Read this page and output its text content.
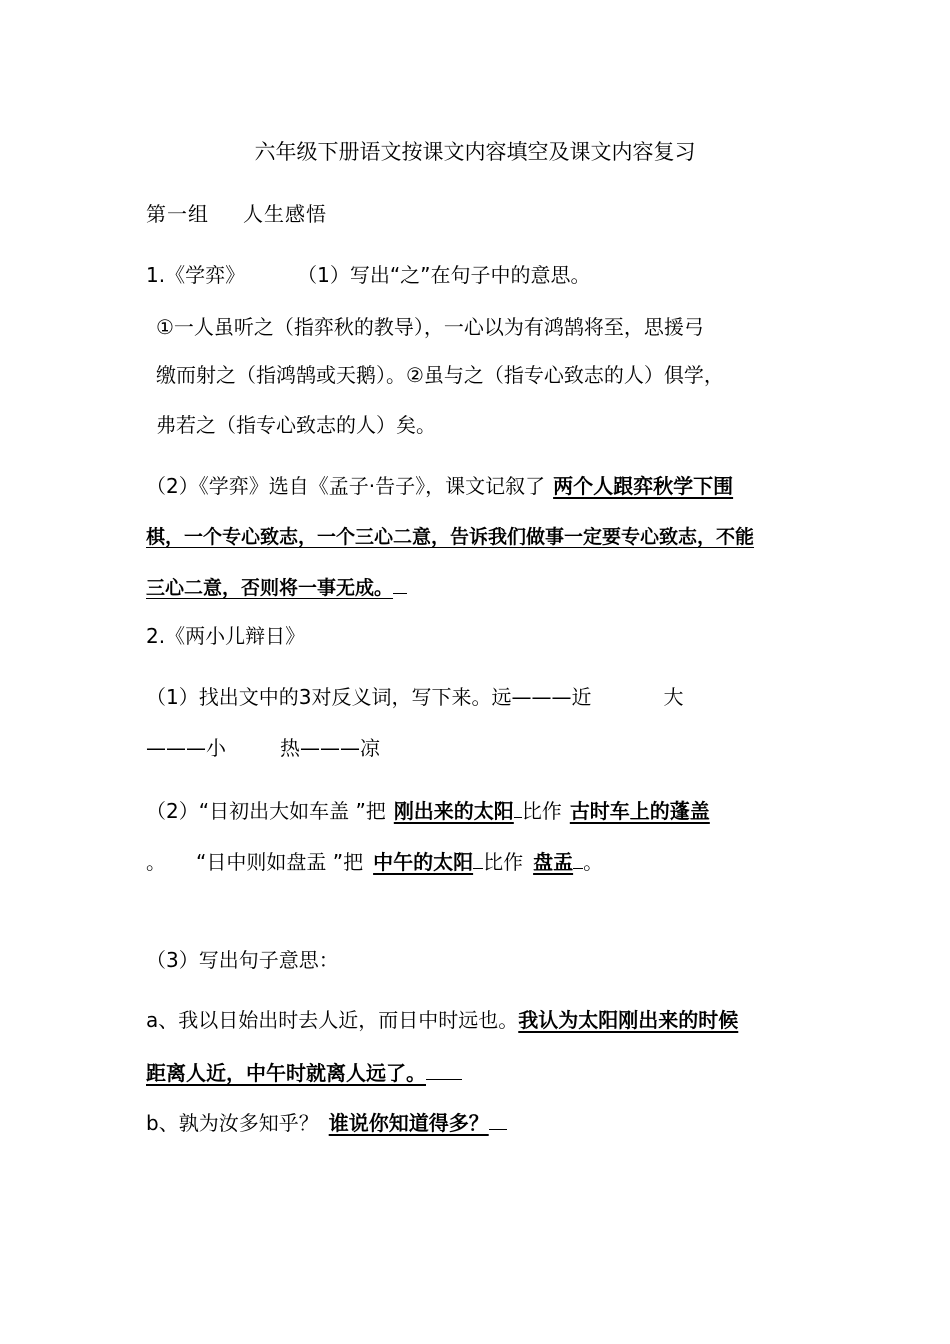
六年级下册语文按课文内容填空及课文内容复习
第一组 人生感悟
1.《学弈》	（1）写出“之”在句子中的意思。
①一人虽听之（指弈秋的教导），一心以为有鸿鹄将至，思援弓
缴而射之（指鸿鹄或天鹅）。②虽与之（指专心致志的人）俱学，
弗若之（指专心致志的人）矣。
（2）《学弈》选自《孟子·告子》，课文记叙了 两个人跟弈秋学下围
棋，一个专心致志，一个三心二意，告诉我们做事一定要专心致志，不能
三心二意，否则将一事无成。
2.《两小儿辩日》
（1）找出文中的3对反义词，写下来。远———近	大
———小	热———凉
（2）“日初出大如车盖 ”把 刚出来的太阳 比作 古时车上的蓬盖
。 “日中则如盘盂 ”把 中午的太阳 比作 盘盂 。
（3）写出句子意思：
a、我以日始出时去人近，而日中时远也。我认为太阳刚出来的时候
距离人近，中午时就离人远了。
b、孰为汝多知乎？ 谁说你知道得多？
